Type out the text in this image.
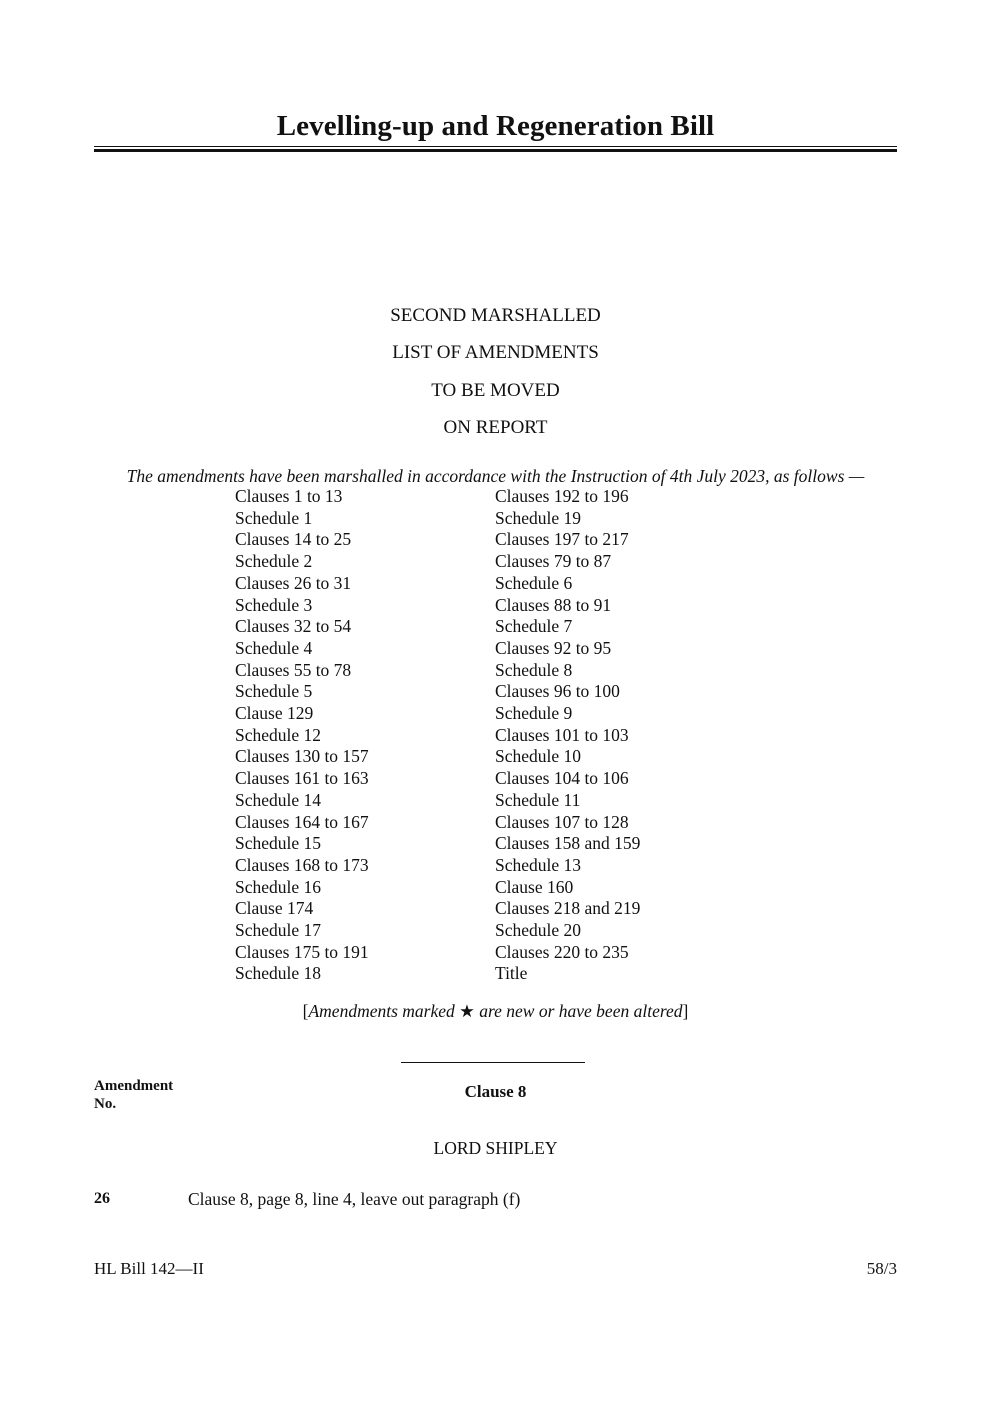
Levelling-up and Regeneration Bill
SECOND MARSHALLED
LIST OF AMENDMENTS
TO BE MOVED
ON REPORT
The amendments have been marshalled in accordance with the Instruction of 4th July 2023, as follows —
Clauses 1 to 13
Schedule 1
Clauses 14 to 25
Schedule 2
Clauses 26 to 31
Schedule 3
Clauses 32 to 54
Schedule 4
Clauses 55 to 78
Schedule 5
Clause 129
Schedule 12
Clauses 130 to 157
Clauses 161 to 163
Schedule 14
Clauses 164 to 167
Schedule 15
Clauses 168 to 173
Schedule 16
Clause 174
Schedule 17
Clauses 175 to 191
Schedule 18
Clauses 192 to 196
Schedule 19
Clauses 197 to 217
Clauses 79 to 87
Schedule 6
Clauses 88 to 91
Schedule 7
Clauses 92 to 95
Schedule 8
Clauses 96 to 100
Schedule 9
Clauses 101 to 103
Schedule 10
Clauses 104 to 106
Schedule 11
Clauses 107 to 128
Clauses 158 and 159
Schedule 13
Clause 160
Clauses 218 and 219
Schedule 20
Clauses 220 to 235
Title
[Amendments marked ★ are new or have been altered]
Amendment
No.
Clause 8
LORD SHIPLEY
26	Clause 8, page 8, line 4, leave out paragraph (f)
HL Bill 142—II	58/3
